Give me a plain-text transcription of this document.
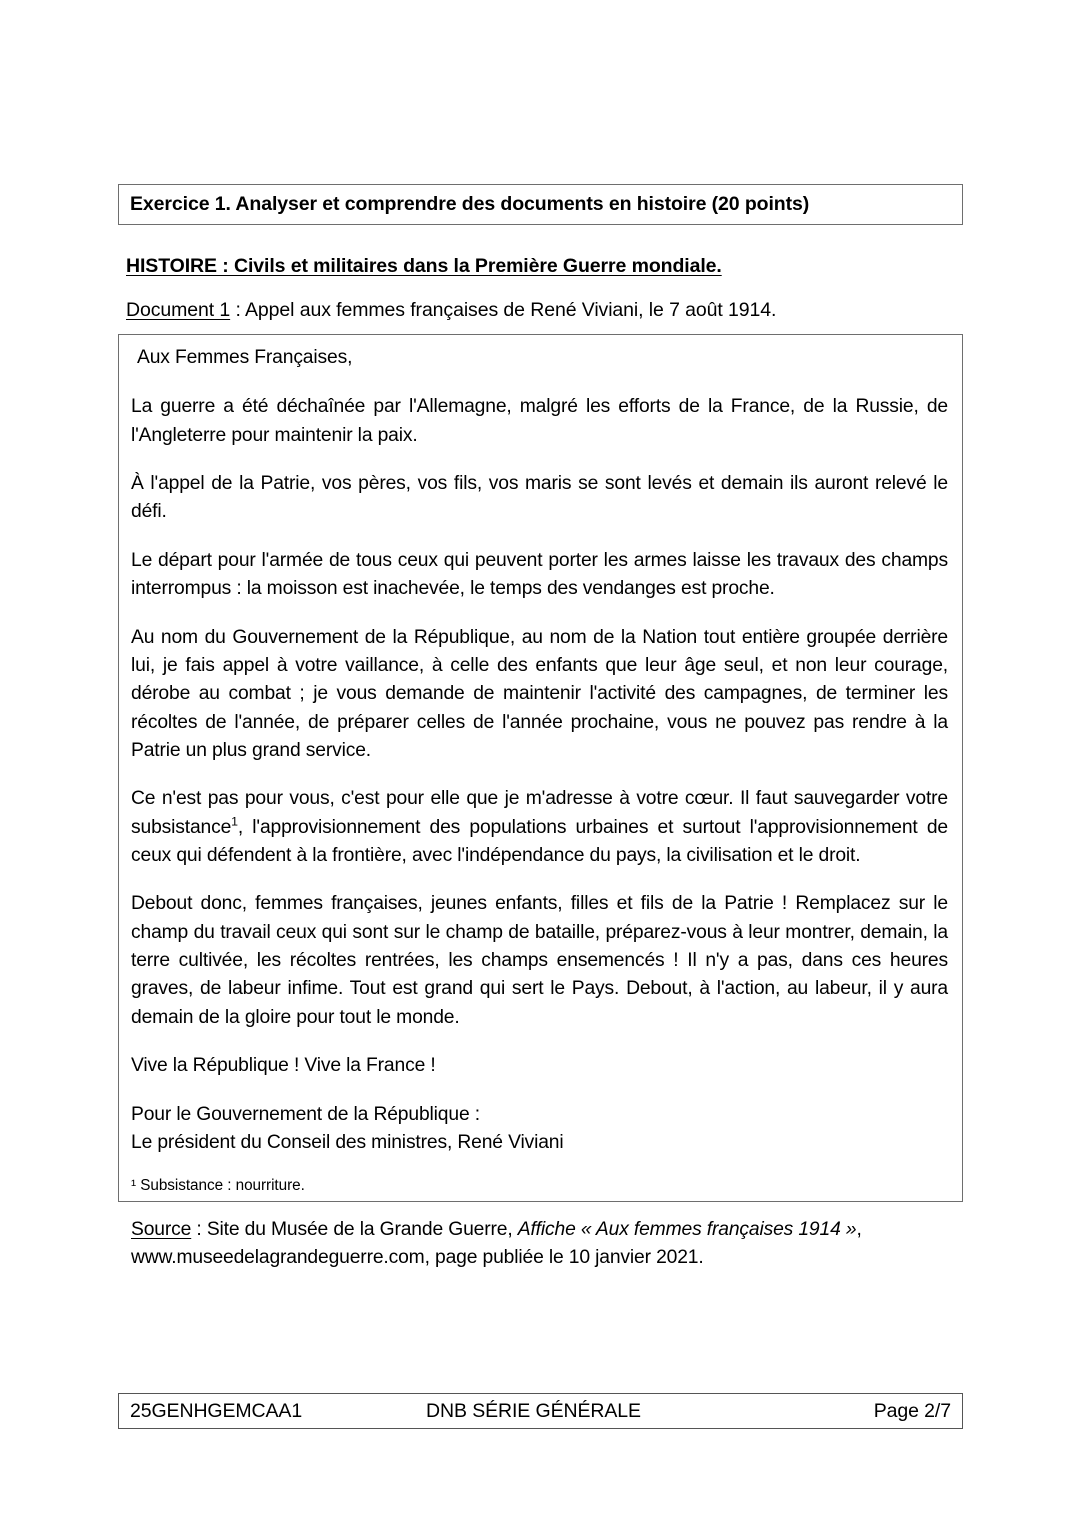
Exercice 1. Analyser et comprendre des documents en histoire (20 points)
HISTOIRE : Civils et militaires dans la Première Guerre mondiale.
Document 1 : Appel aux femmes françaises de René Viviani, le 7 août 1914.

Aux Femmes Françaises,

La guerre a été déchaînée par l'Allemagne, malgré les efforts de la France, de la Russie, de l'Angleterre pour maintenir la paix.

À l'appel de la Patrie, vos pères, vos fils, vos maris se sont levés et demain ils auront relevé le défi.

Le départ pour l'armée de tous ceux qui peuvent porter les armes laisse les travaux des champs interrompus : la moisson est inachevée, le temps des vendanges est proche.

Au nom du Gouvernement de la République, au nom de la Nation tout entière groupée derrière lui, je fais appel à votre vaillance, à celle des enfants que leur âge seul, et non leur courage, dérobe au combat ; je vous demande de maintenir l'activité des campagnes, de terminer les récoltes de l'année, de préparer celles de l'année prochaine, vous ne pouvez pas rendre à la Patrie un plus grand service.

Ce n'est pas pour vous, c'est pour elle que je m'adresse à votre cœur. Il faut sauvegarder votre subsistance$^1$, l'approvisionnement des populations urbaines et surtout l'approvisionnement de ceux qui défendent à la frontière, avec l'indépendance du pays, la civilisation et le droit.

Debout donc, femmes françaises, jeunes enfants, filles et fils de la Patrie ! Remplacez sur le champ du travail ceux qui sont sur le champ de bataille, préparez-vous à leur montrer, demain, la terre cultivée, les récoltes rentrées, les champs ensemencés ! Il n'y a pas, dans ces heures graves, de labeur infime. Tout est grand qui sert le Pays. Debout, à l'action, au labeur, il y aura demain de la gloire pour tout le monde.

Vive la République ! Vive la France !

Pour le Gouvernement de la République :

Le président du Conseil des ministres, René Viviani

¹ Subsistance : nourriture.

Source : Site du Musée de la Grande Guerre, Affiche « Aux femmes françaises 1914 », www.museedelagrandeguerre.com, page publiée le 10 janvier 2021.

25GENHGEMCAA1	DNB SÉRIE GÉNÉRALE	Page 2/7
